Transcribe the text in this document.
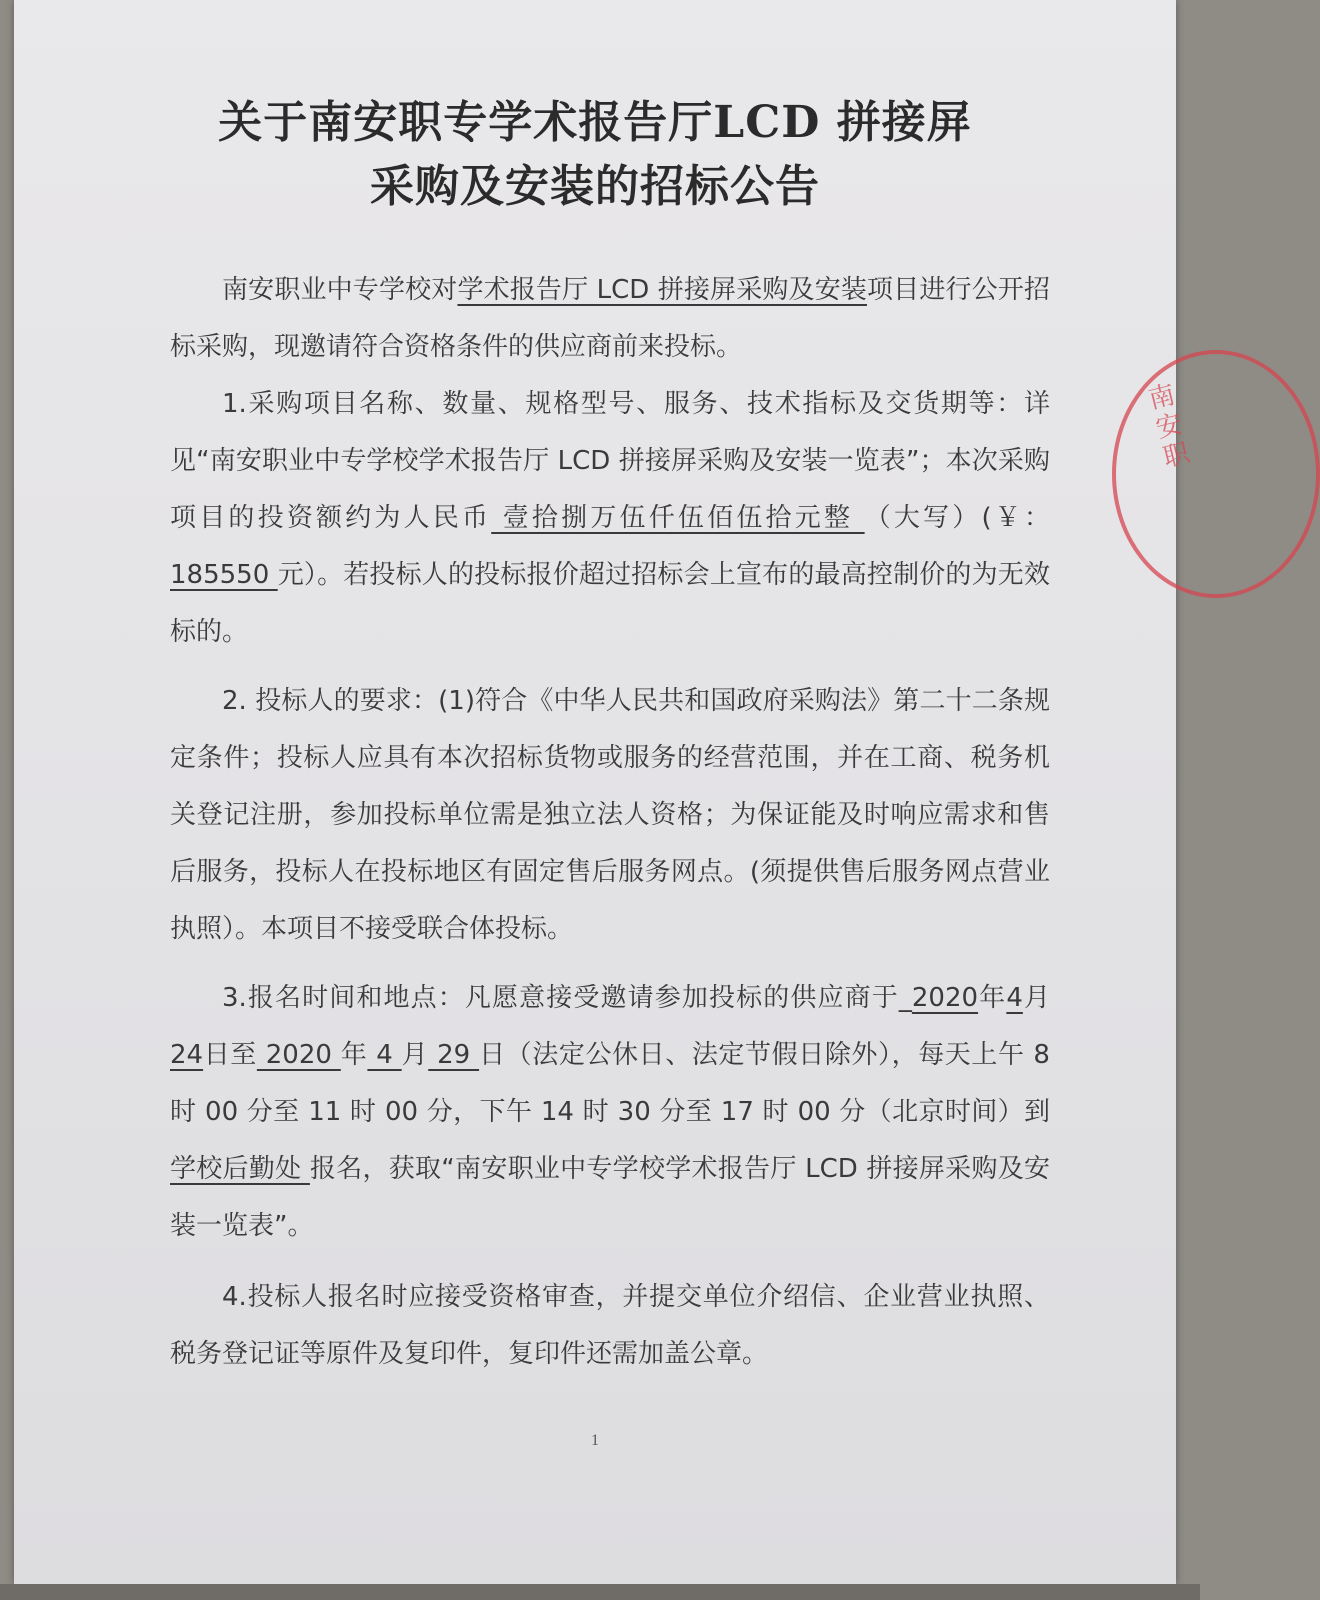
关于南安职专学术报告厅LCD 拼接屏
采购及安装的招标公告

南安职业中专学校对学术报告厅 LCD 拼接屏采购及安装项目进行公开招标采购，现邀请符合资格条件的供应商前来投标。

1.采购项目名称、数量、规格型号、服务、技术指标及交货期等：详见“南安职业中专学校学术报告厅 LCD 拼接屏采购及安装一览表”；本次采购项目的投资额约为人民币 壹拾捌万伍仟伍佰伍拾元整 （大写）(￥： 185550 元）。若投标人的投标报价超过招标会上宣布的最高控制价的为无效标的。

2. 投标人的要求：(1)符合《中华人民共和国政府采购法》第二十二条规定条件；投标人应具有本次招标货物或服务的经营范围，并在工商、税务机关登记注册，参加投标单位需是独立法人资格；为保证能及时响应需求和售后服务，投标人在投标地区有固定售后服务网点。(须提供售后服务网点营业执照）。本项目不接受联合体投标。

3.报名时间和地点：凡愿意接受邀请参加投标的供应商于_2020年4月24日至 2020 年 4 月 29 日（法定公休日、法定节假日除外），每天上午 8 时 00 分至 11 时 00 分，下午 14 时 30 分至 17 时 00 分（北京时间）到 学校后勤处 报名，获取“南安职业中专学校学术报告厅 LCD 拼接屏采购及安装一览表”。

4.投标人报名时应接受资格审查，并提交单位介绍信、企业营业执照、税务登记证等原件及复印件，复印件还需加盖公章。

1
南安职
